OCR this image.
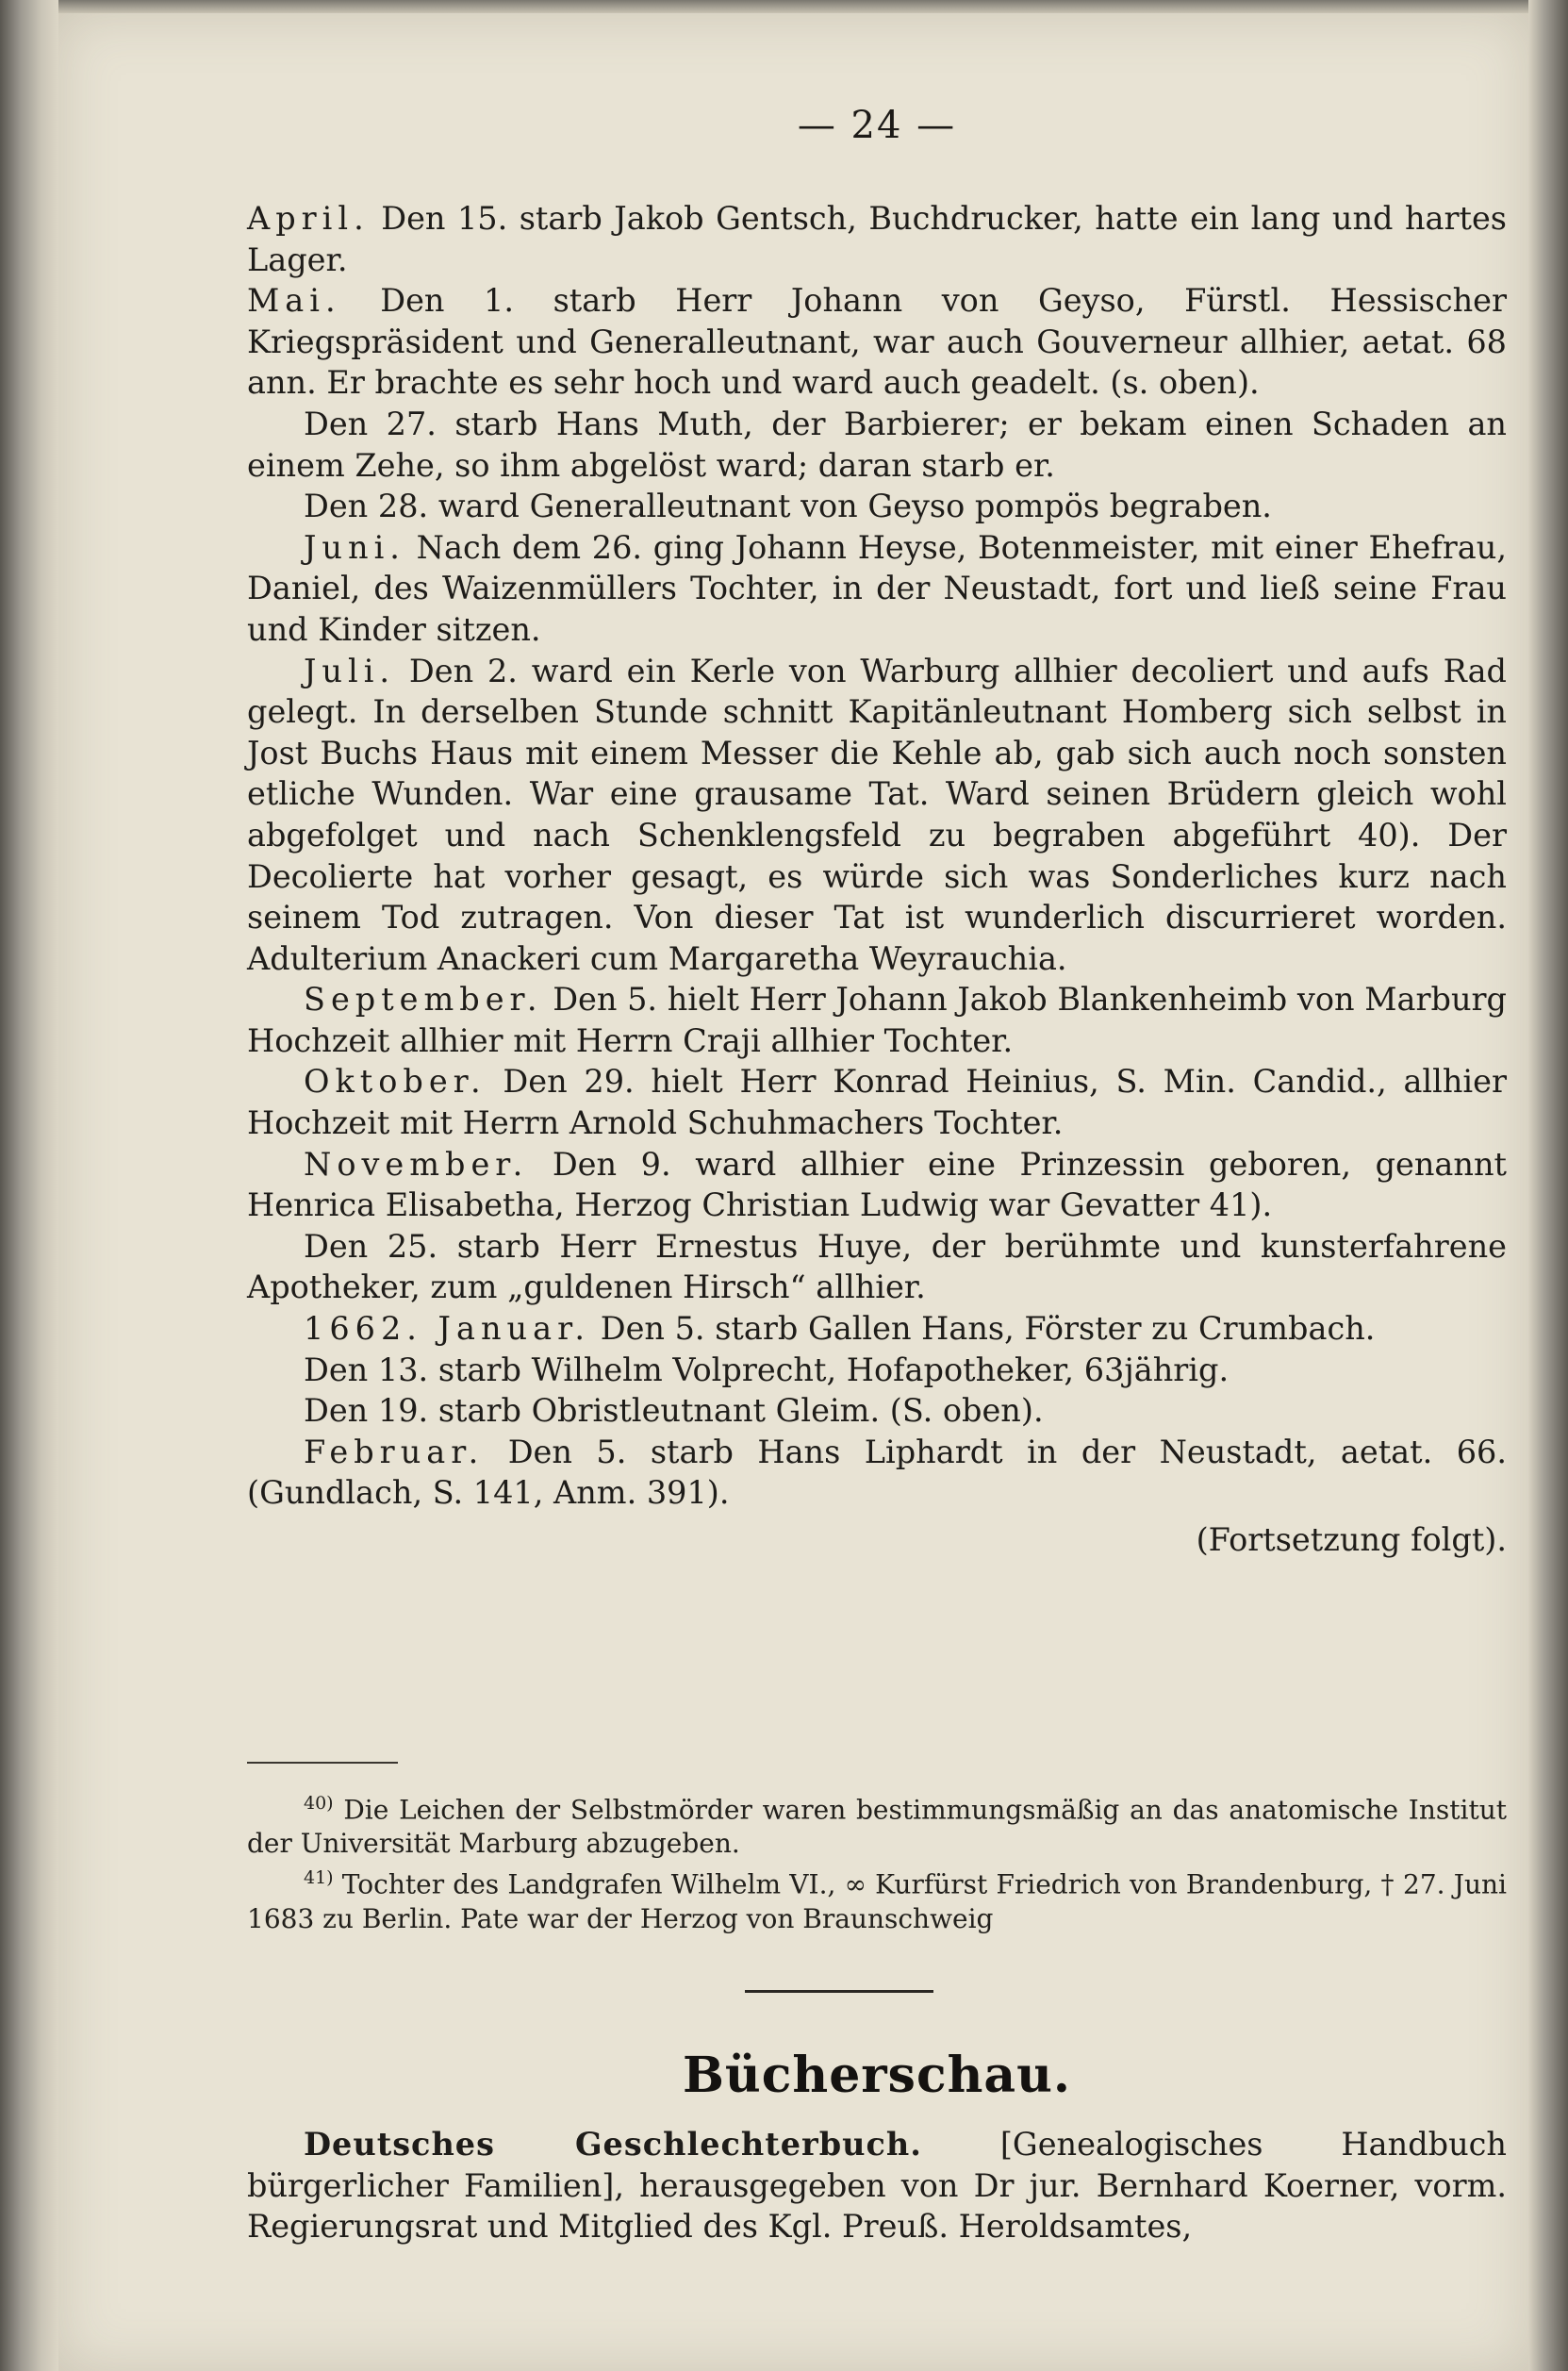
— 24 —

April. Den 15. starb Jakob Gentsch, Buchdrucker, hatte ein lang und hartes Lager.

Mai. Den 1. starb Herr Johann von Geyso, Fürstl. Hessischer Kriegspräsident und Generalleutnant, war auch Gouverneur allhier, aetat. 68 ann. Er brachte es sehr hoch und ward auch geadelt. (s. oben).

Den 27. starb Hans Muth, der Barbierer; er bekam einen Schaden an einem Zehe, so ihm abgelöst ward; daran starb er.

Den 28. ward Generalleutnant von Geyso pompös begraben.

Juni. Nach dem 26. ging Johann Heyse, Botenmeister, mit einer Ehefrau, Daniel, des Waizenmüllers Tochter, in der Neustadt, fort und ließ seine Frau und Kinder sitzen.

Juli. Den 2. ward ein Kerle von Warburg allhier decoliert und aufs Rad gelegt. In derselben Stunde schnitt Kapitänleutnant Homberg sich selbst in Jost Buchs Haus mit einem Messer die Kehle ab, gab sich auch noch sonsten etliche Wunden. War eine grausame Tat. Ward seinen Brüdern gleich wohl abgefolget und nach Schenklengsfeld zu begraben abgeführt 40). Der Decolierte hat vorher gesagt, es würde sich was Sonderliches kurz nach seinem Tod zutragen. Von dieser Tat ist wunderlich discurrieret worden. Adulterium Anackeri cum Margaretha Weyrauchia.

September. Den 5. hielt Herr Johann Jakob Blankenheimb von Marburg Hochzeit allhier mit Herrn Craji allhier Tochter.

Oktober. Den 29. hielt Herr Konrad Heinius, S. Min. Candid., allhier Hochzeit mit Herrn Arnold Schuhmachers Tochter.

November. Den 9. ward allhier eine Prinzessin geboren, genannt Henrica Elisabetha, Herzog Christian Ludwig war Gevatter 41).

Den 25. starb Herr Ernestus Huye, der berühmte und kunsterfahrene Apotheker, zum „guldenen Hirsch“ allhier.

1662. Januar. Den 5. starb Gallen Hans, Förster zu Crumbach.

Den 13. starb Wilhelm Volprecht, Hofapotheker, 63jährig.

Den 19. starb Obristleutnant Gleim. (S. oben).

Februar. Den 5. starb Hans Liphardt in der Neustadt, aetat. 66. (Gundlach, S. 141, Anm. 391).

(Fortsetzung folgt).

$^{40)}$ Die Leichen der Selbstmörder waren bestimmungsmäßig an das anatomische Institut der Universität Marburg abzugeben.

$^{41)}$ Tochter des Landgrafen Wilhelm VI., ∞ Kurfürst Friedrich von Brandenburg, † 27. Juni 1683 zu Berlin. Pate war der Herzog von Braunschweig

Bücherschau.

Deutsches Geschlechterbuch. [Genealogisches Handbuch bürgerlicher Familien], herausgegeben von Dr jur. Bernhard Koerner, vorm. Regierungsrat und Mitglied des Kgl. Preuß. Heroldsamtes,
